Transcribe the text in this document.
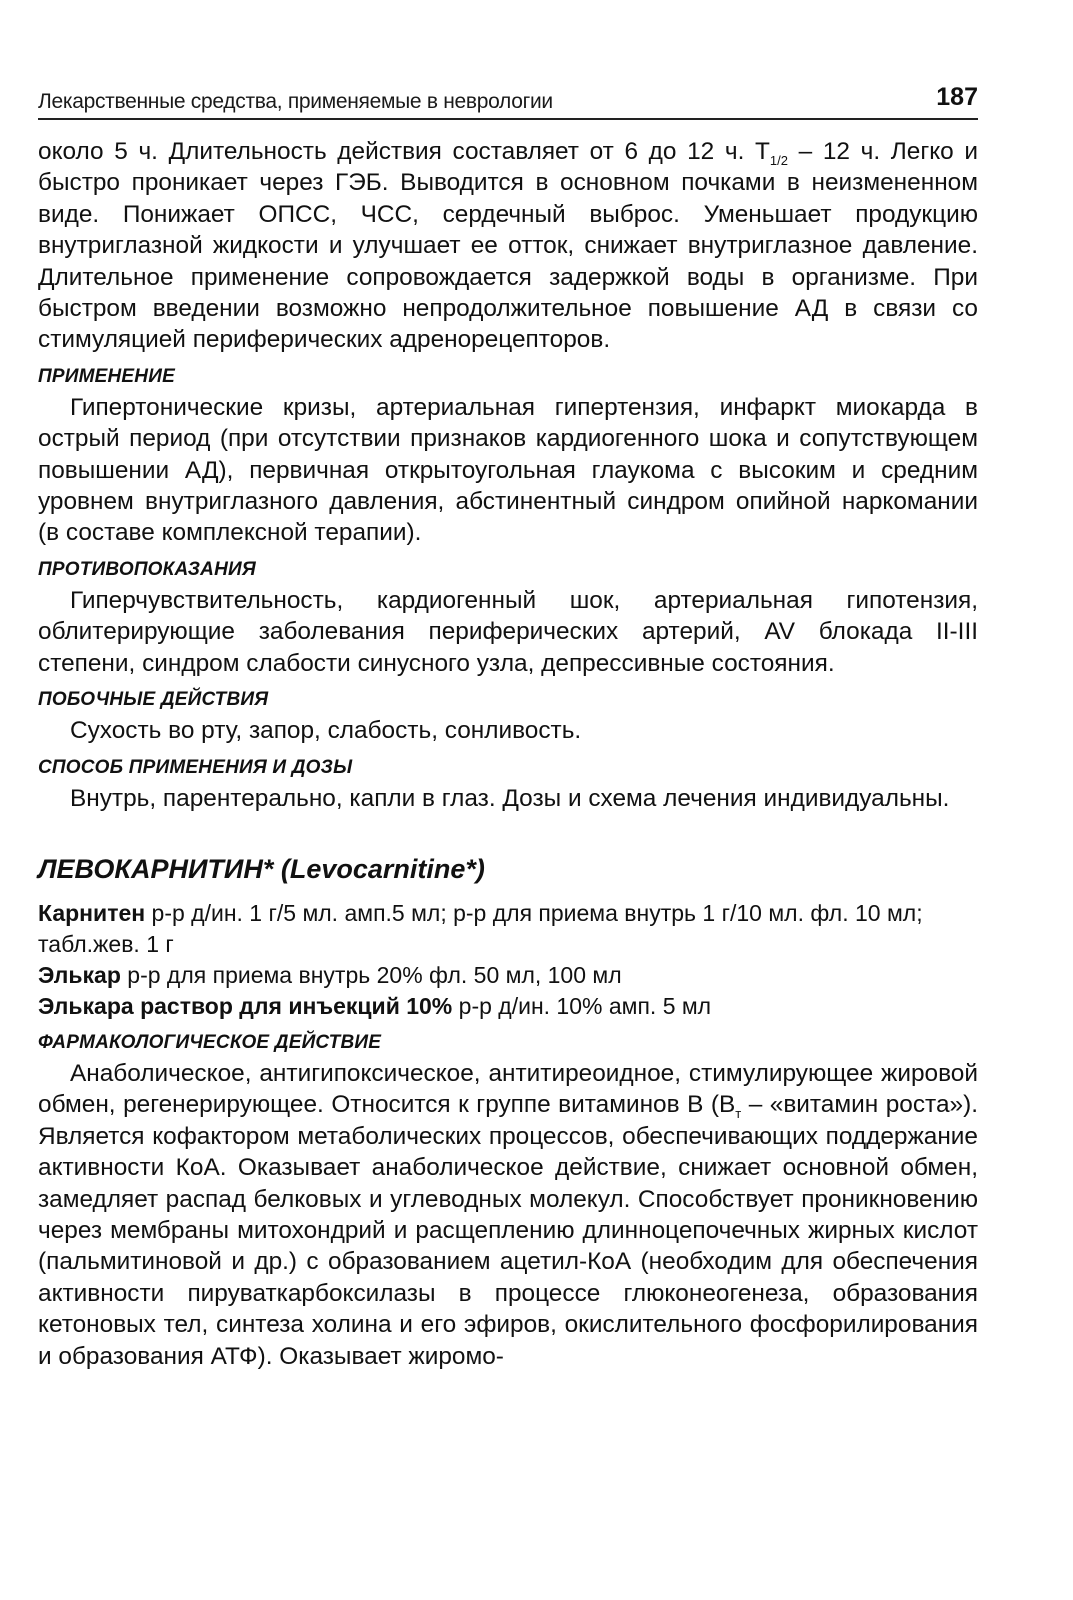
Лекарственные средства, применяемые в неврологии	187

около 5 ч. Длительность действия составляет от 6 до 12 ч. $Т_{1/2} - 12$ ч. Легко и быстро проникает через ГЭБ. Выводится в основном почками в неизмененном виде. Понижает ОПСС, ЧСС, сердечный выброс. Уменьшает продукцию внутриглазной жидкости и улучшает ее отток, снижает внутриглазное давление. Длительное применение сопровождается задержкой воды в организме. При быстром введении возможно непродолжительное повышение АД в связи со стимуляцией периферических адренорецепторов.

ПРИМЕНЕНИЕ

Гипертонические кризы, артериальная гипертензия, инфаркт миокарда в острый период (при отсутствии признаков кардиогенного шока и сопутствующем повышении АД), первичная открытоугольная глаукома с высоким и средним уровнем внутриглазного давления, абстинентный синдром опийной наркомании (в составе комплексной терапии).

ПРОТИВОПОКАЗАНИЯ

Гиперчувствительность, кардиогенный шок, артериальная гипотензия, облитерирующие заболевания периферических артерий, AV блокада II-III степени, синдром слабости синусного узла, депрессивные состояния.

ПОБОЧНЫЕ ДЕЙСТВИЯ

Сухость во рту, запор, слабость, сонливость.

СПОСОБ ПРИМЕНЕНИЯ И ДОЗЫ

Внутрь, парентерально, капли в глаз. Дозы и схема лечения индивидуальны.

ЛЕВОКАРНИТИН* (Levocarnitine*)

Карнитен р-р д/ин. 1 г/5 мл. амп.5 мл; р-р для приема внутрь 1 г/10 мл. фл. 10 мл; табл.жев. 1 г

Элькар р-р для приема внутрь 20% фл. 50 мл, 100 мл

Элькара раствор для инъекций 10% р-р д/ин. 10% амп. 5 мл

ФАРМАКОЛОГИЧЕСКОЕ ДЕЙСТВИЕ

Анаболическое, антигипоксическое, антитиреоидное, стимулирующее жировой обмен, регенерирующее. Относится к группе витаминов В ($В_т$ – «витамин роста»). Является кофактором метаболических процессов, обеспечивающих поддержание активности КоА. Оказывает анаболическое действие, снижает основной обмен, замедляет распад белковых и углеводных молекул. Способствует проникновению через мембраны митохондрий и расщеплению длинноцепочечных жирных кислот (пальмитиновой и др.) с образованием ацетил-КоА (необходим для обеспечения активности пируваткарбоксилазы в процессе глюконеогенеза, образования кетоновых тел, синтеза холина и его эфиров, окислительного фосфорилирования и образования АТФ). Оказывает жиромо-
